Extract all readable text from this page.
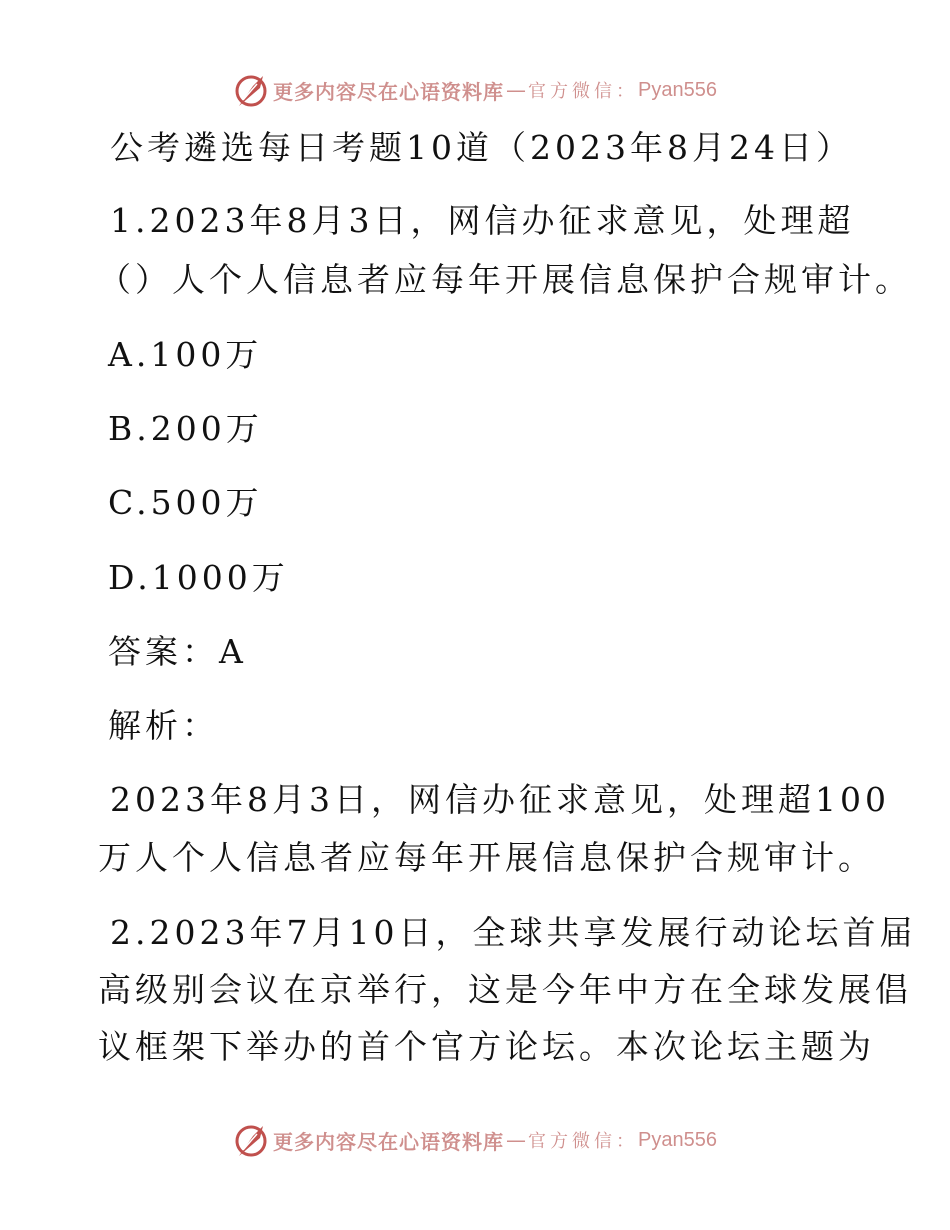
更多内容尽在心语资料库 — 官方微信： Pyan556
公考遴选每日考题10道（2023年8月24日）
1.2023年8月3日，网信办征求意见，处理超
（）人个人信息者应每年开展信息保护合规审计。
A.100万
B.200万
C.500万
D.1000万
答案：A
解析：
2023年8月3日，网信办征求意见，处理超100
万人个人信息者应每年开展信息保护合规审计。
2.2023年7月10日，全球共享发展行动论坛首届
高级别会议在京举行，这是今年中方在全球发展倡
议框架下举办的首个官方论坛。本次论坛主题为
更多内容尽在心语资料库 — 官方微信： Pyan556
